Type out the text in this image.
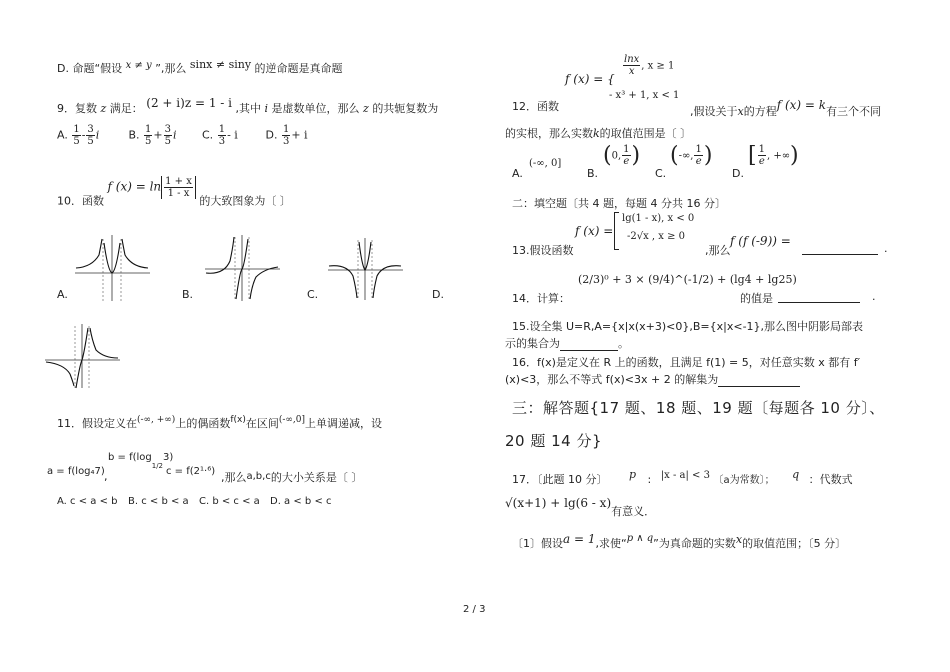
D. 命题“假设 x ≠ y ”,那么 sinx ≠ siny 的逆命题是真命题
9．复数 z 满足： (2 + i)z = 1 - i ,其中 i 是虚数单位，那么 z 的共轭复数为
A. $\frac{1}{5} - \frac{3}{5}$ i	B. $\frac{1}{5} + \frac{3}{5}$ i C. $\frac{1}{3}$ - i	D. $\frac{1}{3} + i$
10．函数 f $(x) = \ln \frac{1 + x}{1 - x}$
的大致图象为〔 〕
A.	B.	C.	D.
11．假设定义在(-∞, +∞)上的偶函数$^{f(x)}$在区间$^{(-\infty,0]}$上单调递减，设
a = f(log₄7)
$b = f(\log_{1/2}3)$
,	c = f(2¹·⁶) ,那么a,b,c的大小关系是〔 〕
A. c < a < b B. c < b < a C. b < c < a D. a < b < c
f (x) = {
$\frac{\ln x}{x}$ , x ≥ 1
- x³ + 1, x < 1
12．函数	,假设关于x的方程f (x) = k有三个不同
的实根，那么实数k的取值范围是〔 〕
A.
(-∞, 0]
B.
(0, $\frac{1}{e}$ )
C.
(-∞, $\frac{1}{e}$ )
D.
[ $\frac{1}{e}$ , +∞)
二：填空题〔共 4 题，每题 4 分共 16 分〕
13.假设函数
f (x) =
lg(1 - x), x < 0
-2√x , x ≥ 0
,那么
f (f (-9)) =
.
14．计算：
(2/3)⁰ + 3 × (9/4)^(-1/2) + (lg4 + lg25)
的值是	.
15.设全集 U=R,A={x|x(x+3)<0},B={x|x<-1},那么图中阴影局部表
示的集合为	。
16．f(x)是定义在 R 上的函数，且满足 f(1) = 5，对任意实数 x 都有 f′
(x)<3，那么不等式 f(x)<3x + 2 的解集为
三：解答题{17 题、18 题、19 题〔每题各 10 分〕、
20 题 14 分}
17．〔此题 10 分〕 p : |x - a| < 3 〔a为常数〕； q ：代数式
√(x+1) + lg(6 - x)有意义．
〔1〕假设a = 1,求使“p ∧ q”为真命题的实数x的取值范围；〔5 分〕
2 / 3
